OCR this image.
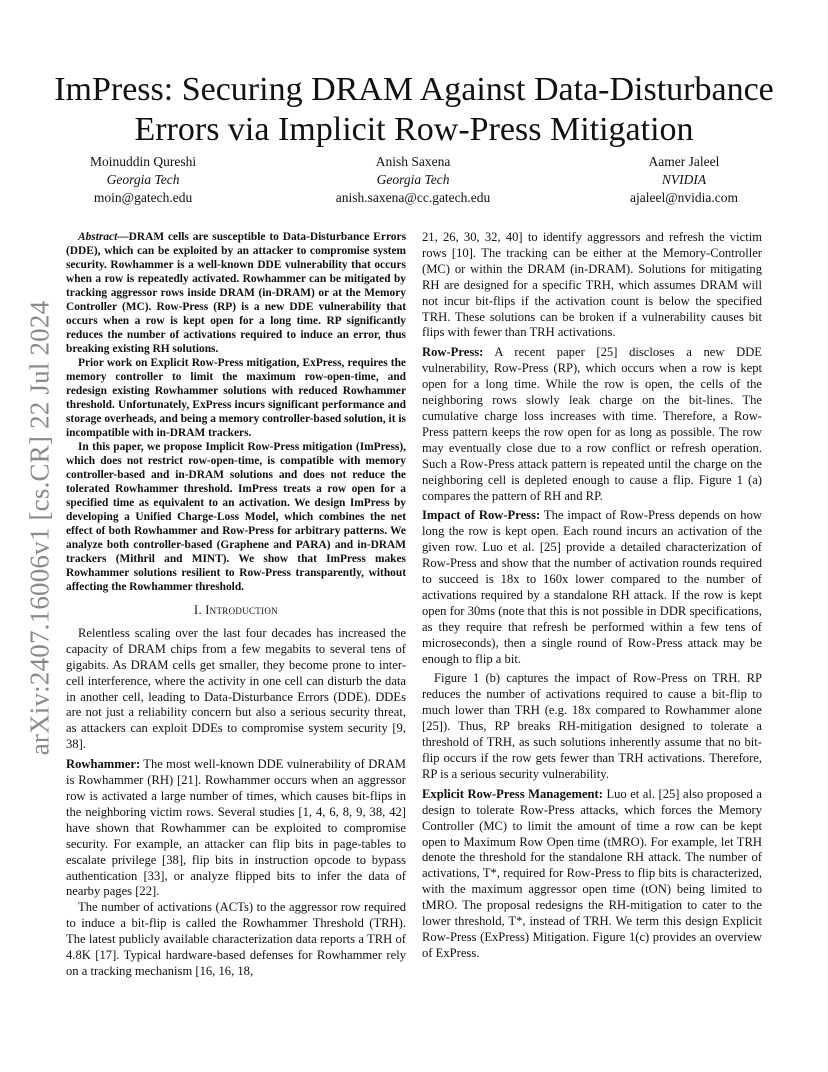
arXiv:2407.16006v1 [cs.CR] 22 Jul 2024
ImPress: Securing DRAM Against Data-Disturbance
Errors via Implicit Row-Press Mitigation
Moinuddin Qureshi
Georgia Tech
moin@gatech.edu
Anish Saxena
Georgia Tech
anish.saxena@cc.gatech.edu
Aamer Jaleel
NVIDIA
ajaleel@nvidia.com

Abstract—DRAM cells are susceptible to Data-Disturbance Errors (DDE), which can be exploited by an attacker to compromise system security. Rowhammer is a well-known DDE vulnerability that occurs when a row is repeatedly activated. Rowhammer can be mitigated by tracking aggressor rows inside DRAM (in-DRAM) or at the Memory Controller (MC). Row-Press (RP) is a new DDE vulnerability that occurs when a row is kept open for a long time. RP significantly reduces the number of activations required to induce an error, thus breaking existing RH solutions.

Prior work on Explicit Row-Press mitigation, ExPress, requires the memory controller to limit the maximum row-open-time, and redesign existing Rowhammer solutions with reduced Rowhammer threshold. Unfortunately, ExPress incurs significant performance and storage overheads, and being a memory controller-based solution, it is incompatible with in-DRAM trackers.

In this paper, we propose Implicit Row-Press mitigation (ImPress), which does not restrict row-open-time, is compatible with memory controller-based and in-DRAM solutions and does not reduce the tolerated Rowhammer threshold. ImPress treats a row open for a specified time as equivalent to an activation. We design ImPress by developing a Unified Charge-Loss Model, which combines the net effect of both Rowhammer and Row-Press for arbitrary patterns. We analyze both controller-based (Graphene and PARA) and in-DRAM trackers (Mithril and MINT). We show that ImPress makes Rowhammer solutions resilient to Row-Press transparently, without affecting the Rowhammer threshold.

I. Introduction

Relentless scaling over the last four decades has increased the capacity of DRAM chips from a few megabits to several tens of gigabits. As DRAM cells get smaller, they become prone to inter-cell interference, where the activity in one cell can disturb the data in another cell, leading to Data-Disturbance Errors (DDE). DDEs are not just a reliability concern but also a serious security threat, as attackers can exploit DDEs to compromise system security [9, 38].

Rowhammer: The most well-known DDE vulnerability of DRAM is Rowhammer (RH) [21]. Rowhammer occurs when an aggressor row is activated a large number of times, which causes bit-flips in the neighboring victim rows. Several studies [1, 4, 6, 8, 9, 38, 42] have shown that Rowhammer can be exploited to compromise security. For example, an attacker can flip bits in page-tables to escalate privilege [38], flip bits in instruction opcode to bypass authentication [33], or analyze flipped bits to infer the data of nearby pages [22].

The number of activations (ACTs) to the aggressor row required to induce a bit-flip is called the Rowhammer Threshold (TRH). The latest publicly available characterization data reports a TRH of 4.8K [17]. Typical hardware-based defenses for Rowhammer rely on a tracking mechanism [16, 16, 18,

21, 26, 30, 32, 40] to identify aggressors and refresh the victim rows [10]. The tracking can be either at the Memory-Controller (MC) or within the DRAM (in-DRAM). Solutions for mitigating RH are designed for a specific TRH, which assumes DRAM will not incur bit-flips if the activation count is below the specified TRH. These solutions can be broken if a vulnerability causes bit flips with fewer than TRH activations.

Row-Press: A recent paper [25] discloses a new DDE vulnerability, Row-Press (RP), which occurs when a row is kept open for a long time. While the row is open, the cells of the neighboring rows slowly leak charge on the bit-lines. The cumulative charge loss increases with time. Therefore, a Row-Press pattern keeps the row open for as long as possible. The row may eventually close due to a row conflict or refresh operation. Such a Row-Press attack pattern is repeated until the charge on the neighboring cell is depleted enough to cause a flip. Figure 1 (a) compares the pattern of RH and RP.

Impact of Row-Press: The impact of Row-Press depends on how long the row is kept open. Each round incurs an activation of the given row. Luo et al. [25] provide a detailed characterization of Row-Press and show that the number of activation rounds required to succeed is 18x to 160x lower compared to the number of activations required by a standalone RH attack. If the row is kept open for 30ms (note that this is not possible in DDR specifications, as they require that refresh be performed within a few tens of microseconds), then a single round of Row-Press attack may be enough to flip a bit.

Figure 1 (b) captures the impact of Row-Press on TRH. RP reduces the number of activations required to cause a bit-flip to much lower than TRH (e.g. 18x compared to Rowhammer alone [25]). Thus, RP breaks RH-mitigation designed to tolerate a threshold of TRH, as such solutions inherently assume that no bit-flip occurs if the row gets fewer than TRH activations. Therefore, RP is a serious security vulnerability.

Explicit Row-Press Management: Luo et al. [25] also proposed a design to tolerate Row-Press attacks, which forces the Memory Controller (MC) to limit the amount of time a row can be kept open to Maximum Row Open time (tMRO). For example, let TRH denote the threshold for the standalone RH attack. The number of activations, T*, required for Row-Press to flip bits is characterized, with the maximum aggressor open time (tON) being limited to tMRO. The proposal redesigns the RH-mitigation to cater to the lower threshold, T*, instead of TRH. We term this design Explicit Row-Press (ExPress) Mitigation. Figure 1(c) provides an overview of ExPress.
